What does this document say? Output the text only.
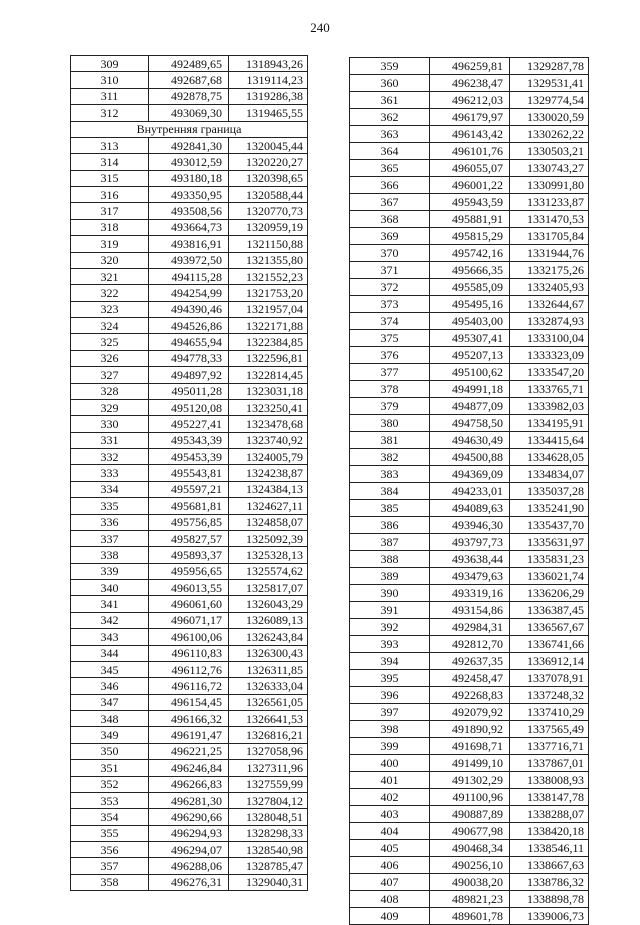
240
309	492489,65	1318943,26
310	492687,68	1319114,23
311	492878,75	1319286,38
312	493069,30	1319465,55
Внутренняя граница		
313	492841,30	1320045,44
314	493012,59	1320220,27
315	493180,18	1320398,65
316	493350,95	1320588,44
317	493508,56	1320770,73
318	493664,73	1320959,19
319	493816,91	1321150,88
320	493972,50	1321355,80
321	494115,28	1321552,23
322	494254,99	1321753,20
323	494390,46	1321957,04
324	494526,86	1322171,88
325	494655,94	1322384,85
326	494778,33	1322596,81
327	494897,92	1322814,45
328	495011,28	1323031,18
329	495120,08	1323250,41
330	495227,41	1323478,68
331	495343,39	1323740,92
332	495453,39	1324005,79
333	495543,81	1324238,87
334	495597,21	1324384,13
335	495681,81	1324627,11
336	495756,85	1324858,07
337	495827,57	1325092,39
338	495893,37	1325328,13
339	495956,65	1325574,62
340	496013,55	1325817,07
341	496061,60	1326043,29
342	496071,17	1326089,13
343	496100,06	1326243,84
344	496110,83	1326300,43
345	496112,76	1326311,85
346	496116,72	1326333,04
347	496154,45	1326561,05
348	496166,32	1326641,53
349	496191,47	1326816,21
350	496221,25	1327058,96
351	496246,84	1327311,96
352	496266,83	1327559,99
353	496281,30	1327804,12
354	496290,66	1328048,51
355	496294,93	1328298,33
356	496294,07	1328540,98
357	496288,06	1328785,47
358	496276,31	1329040,31
359	496259,81	1329287,78
360	496238,47	1329531,41
361	496212,03	1329774,54
362	496179,97	1330020,59
363	496143,42	1330262,22
364	496101,76	1330503,21
365	496055,07	1330743,27
366	496001,22	1330991,80
367	495943,59	1331233,87
368	495881,91	1331470,53
369	495815,29	1331705,84
370	495742,16	1331944,76
371	495666,35	1332175,26
372	495585,09	1332405,93
373	495495,16	1332644,67
374	495403,00	1332874,93
375	495307,41	1333100,04
376	495207,13	1333323,09
377	495100,62	1333547,20
378	494991,18	1333765,71
379	494877,09	1333982,03
380	494758,50	1334195,91
381	494630,49	1334415,64
382	494500,88	1334628,05
383	494369,09	1334834,07
384	494233,01	1335037,28
385	494089,63	1335241,90
386	493946,30	1335437,70
387	493797,73	1335631,97
388	493638,44	1335831,23
389	493479,63	1336021,74
390	493319,16	1336206,29
391	493154,86	1336387,45
392	492984,31	1336567,67
393	492812,70	1336741,66
394	492637,35	1336912,14
395	492458,47	1337078,91
396	492268,83	1337248,32
397	492079,92	1337410,29
398	491890,92	1337565,49
399	491698,71	1337716,71
400	491499,10	1337867,01
401	491302,29	1338008,93
402	491100,96	1338147,78
403	490887,89	1338288,07
404	490677,98	1338420,18
405	490468,34	1338546,11
406	490256,10	1338667,63
407	490038,20	1338786,32
408	489821,23	1338898,78
409	489601,78	1339006,73
